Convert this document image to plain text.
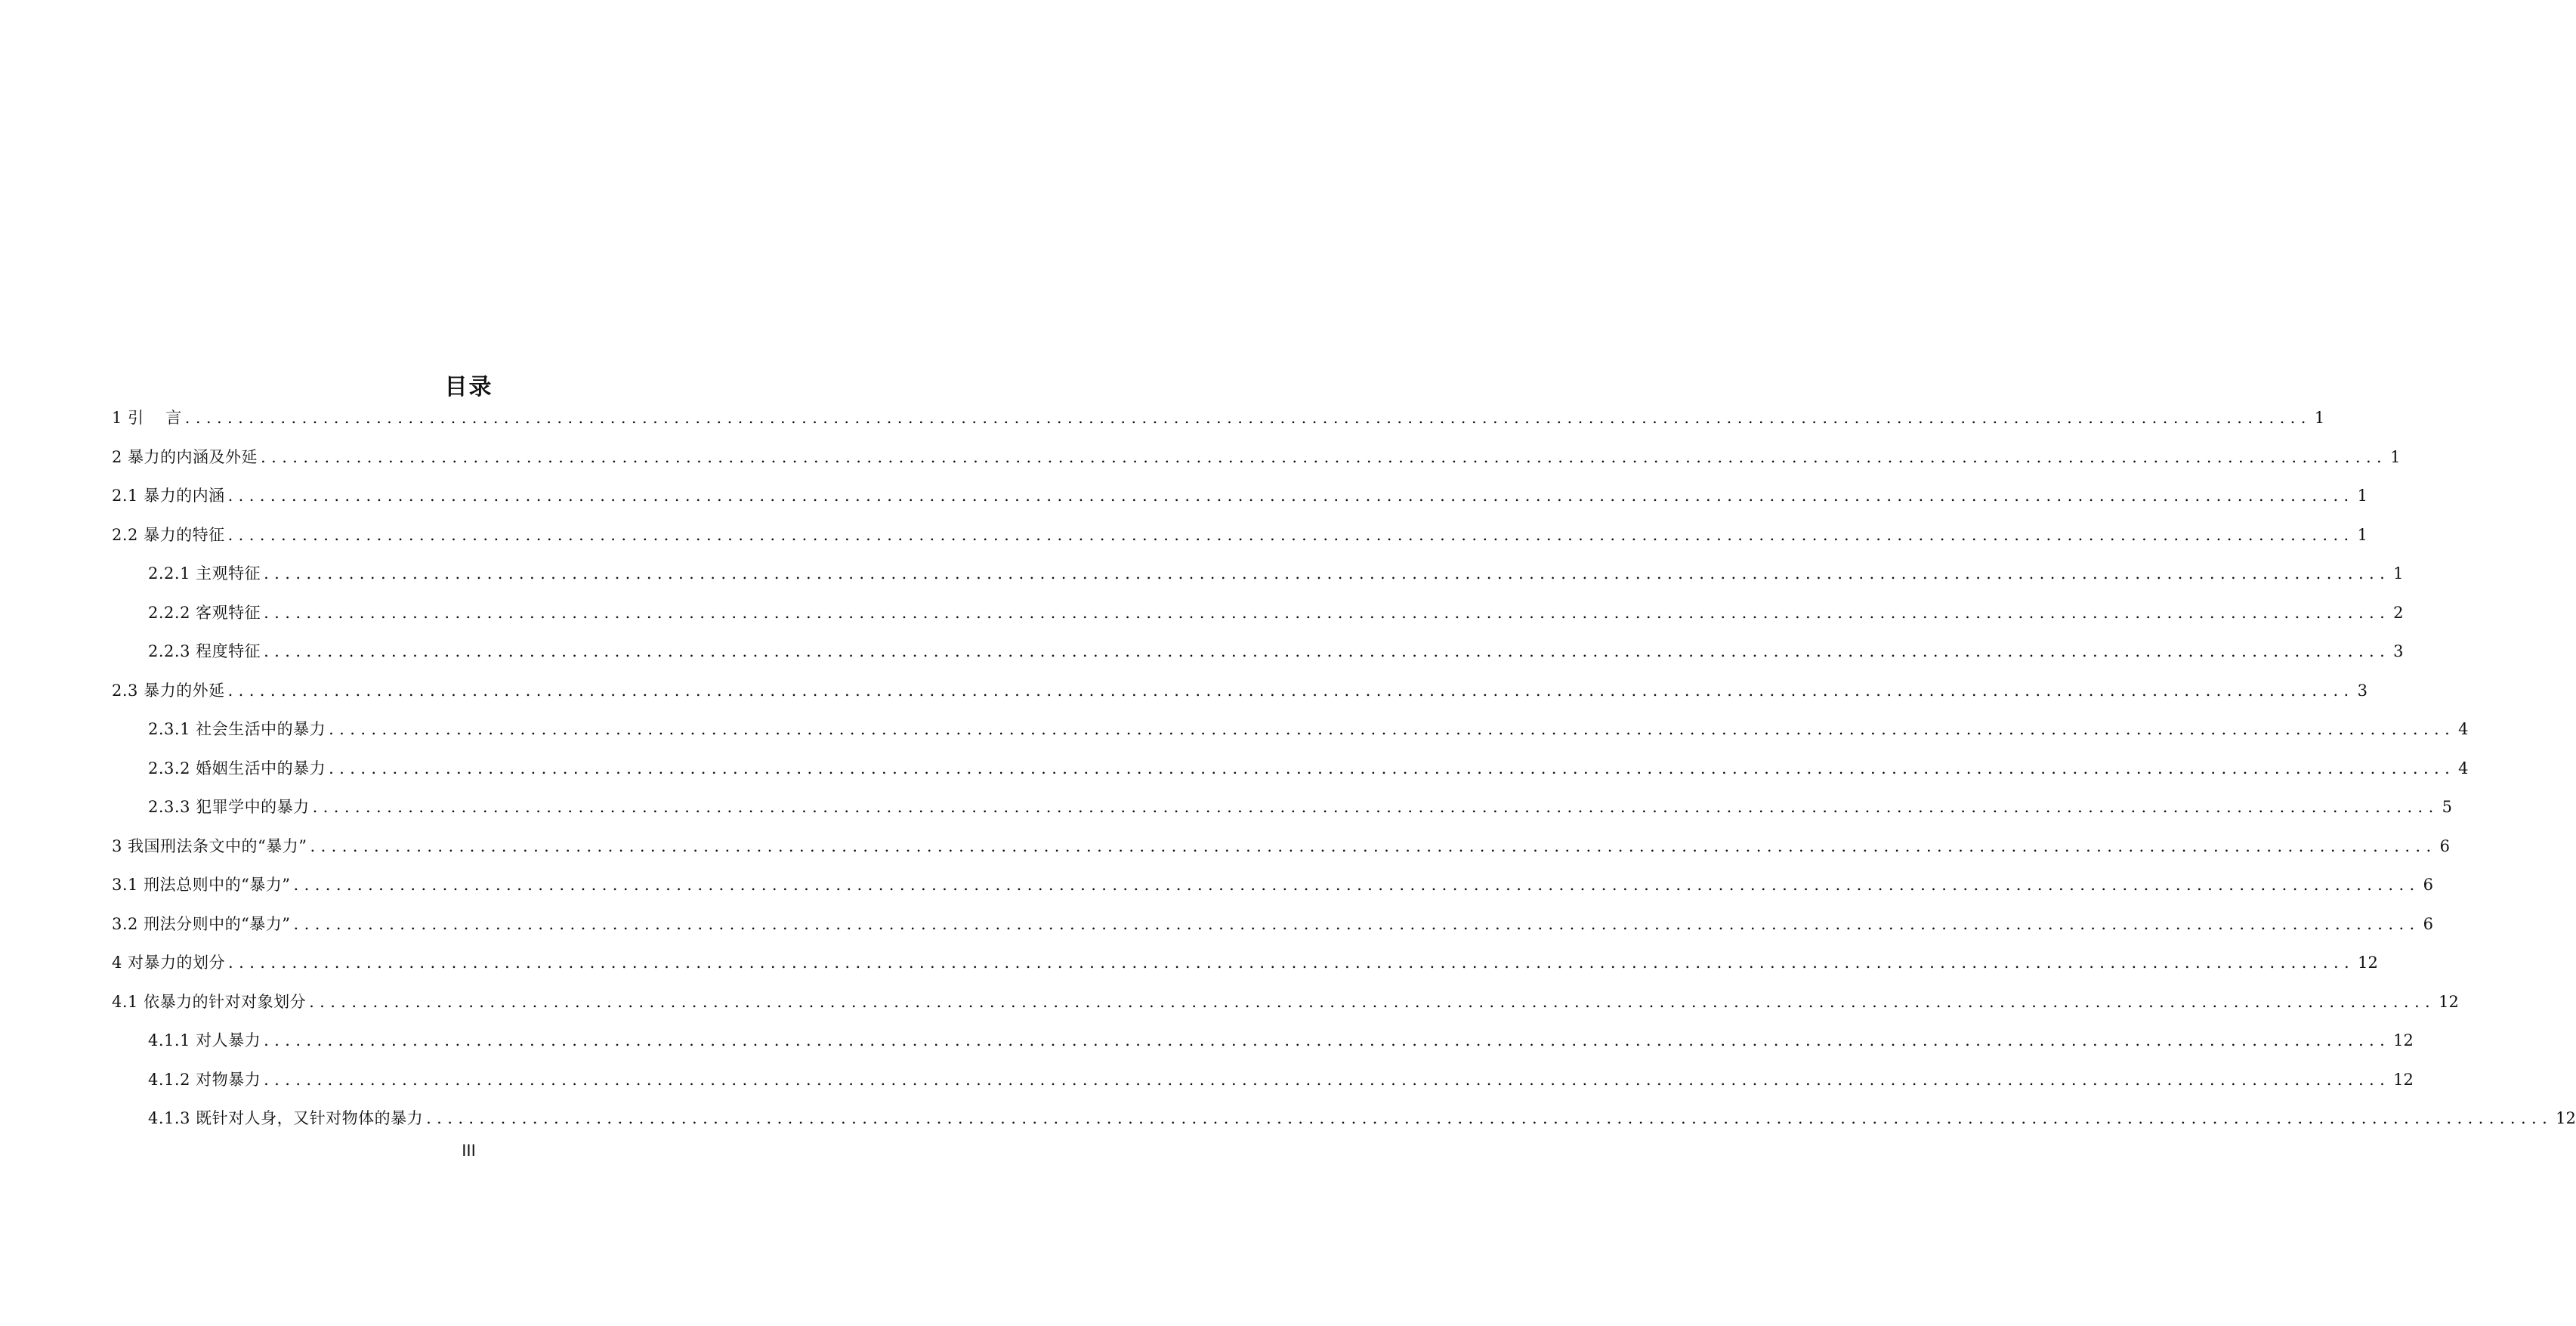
目录
1 引    言 ........................................................................................................................................................................................................ 1
2 暴力的内涵及外延 ........................................................................................................................................................................................................ 1
2.1 暴力的内涵 ........................................................................................................................................................................................................ 1
2.2 暴力的特征 ........................................................................................................................................................................................................ 1
2.2.1 主观特征 ........................................................................................................................................................................................................ 1
2.2.2 客观特征 ........................................................................................................................................................................................................ 2
2.2.3 程度特征 ........................................................................................................................................................................................................ 3
2.3 暴力的外延 ........................................................................................................................................................................................................ 3
2.3.1 社会生活中的暴力 ........................................................................................................................................................................................................ 4
2.3.2 婚姻生活中的暴力 ........................................................................................................................................................................................................ 4
2.3.3 犯罪学中的暴力 ........................................................................................................................................................................................................ 5
3 我国刑法条文中的“暴力” ........................................................................................................................................................................................................ 6
3.1 刑法总则中的“暴力” ........................................................................................................................................................................................................ 6
3.2 刑法分则中的“暴力” ........................................................................................................................................................................................................ 6
4 对暴力的划分 ........................................................................................................................................................................................................ 12
4.1 依暴力的针对对象划分 ........................................................................................................................................................................................................ 12
4.1.1 对人暴力 ........................................................................................................................................................................................................ 12
4.1.2 对物暴力 ........................................................................................................................................................................................................ 12
4.1.3 既针对人身，又针对物体的暴力 ........................................................................................................................................................................................................ 12
III
